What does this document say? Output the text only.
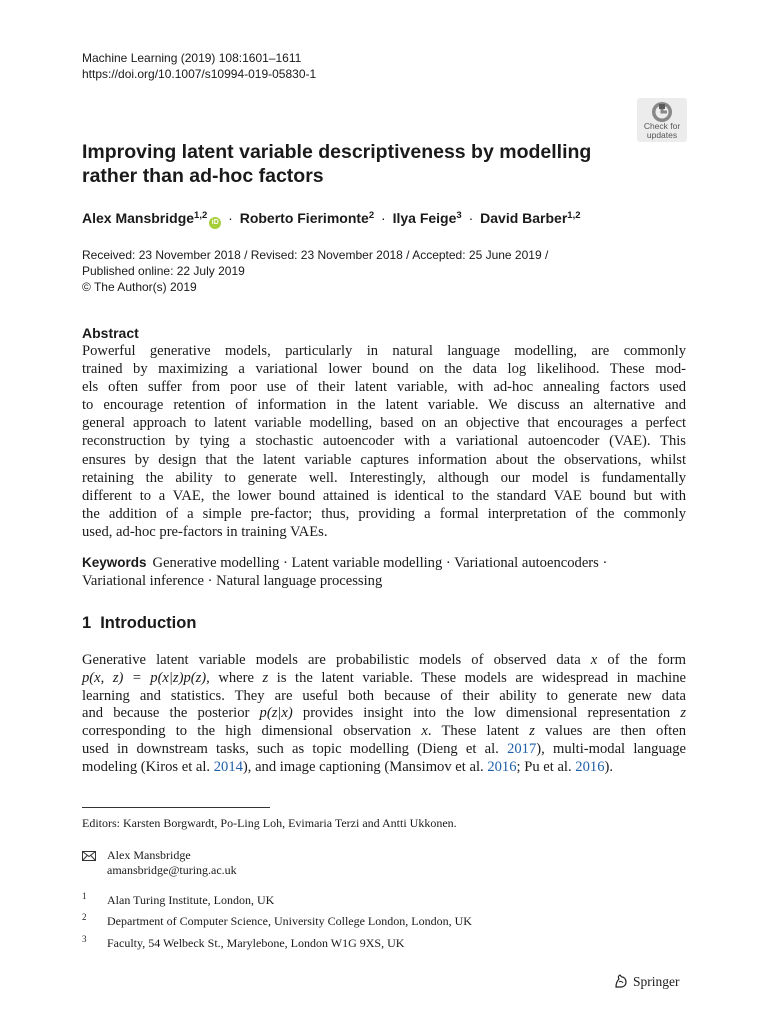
Machine Learning (2019) 108:1601–1611
https://doi.org/10.1007/s10994-019-05830-1
Check for
updates
Improving latent variable descriptiveness by modelling
rather than ad-hoc factors
Alex Mansbridge$^{1,2}$iD · Roberto Fierimonte$^2$ · Ilya Feige$^3$ · David Barber$^{1,2}$
Received: 23 November 2018 / Revised: 23 November 2018 / Accepted: 25 June 2019 /
Published online: 22 July 2019
© The Author(s) 2019
Abstract
Powerful generative models, particularly in natural language modelling, are commonly
trained by maximizing a variational lower bound on the data log likelihood. These mod-
els often suffer from poor use of their latent variable, with ad-hoc annealing factors used
to encourage retention of information in the latent variable. We discuss an alternative and
general approach to latent variable modelling, based on an objective that encourages a perfect
reconstruction by tying a stochastic autoencoder with a variational autoencoder (VAE). This
ensures by design that the latent variable captures information about the observations, whilst
retaining the ability to generate well. Interestingly, although our model is fundamentally
different to a VAE, the lower bound attained is identical to the standard VAE bound but with
the addition of a simple pre-factor; thus, providing a formal interpretation of the commonly
used, ad-hoc pre-factors in training VAEs.
Keywords Generative modelling · Latent variable modelling · Variational autoencoders ·
Variational inference · Natural language processing
1 Introduction
Generative latent variable models are probabilistic models of observed data x of the form
p(x, z) = p(x|z)p(z), where z is the latent variable. These models are widespread in machine
learning and statistics. They are useful both because of their ability to generate new data
and because the posterior p(z|x) provides insight into the low dimensional representation z
corresponding to the high dimensional observation x. These latent z values are then often
used in downstream tasks, such as topic modelling (Dieng et al. 2017), multi-modal language
modeling (Kiros et al. 2014), and image captioning (Mansimov et al. 2016; Pu et al. 2016).
Editors: Karsten Borgwardt, Po-Ling Loh, Evimaria Terzi and Antti Ukkonen.
Alex Mansbridge
amansbridge@turing.ac.uk
1 Alan Turing Institute, London, UK
2 Department of Computer Science, University College London, London, UK
3 Faculty, 54 Welbeck St., Marylebone, London W1G 9XS, UK
Springer
